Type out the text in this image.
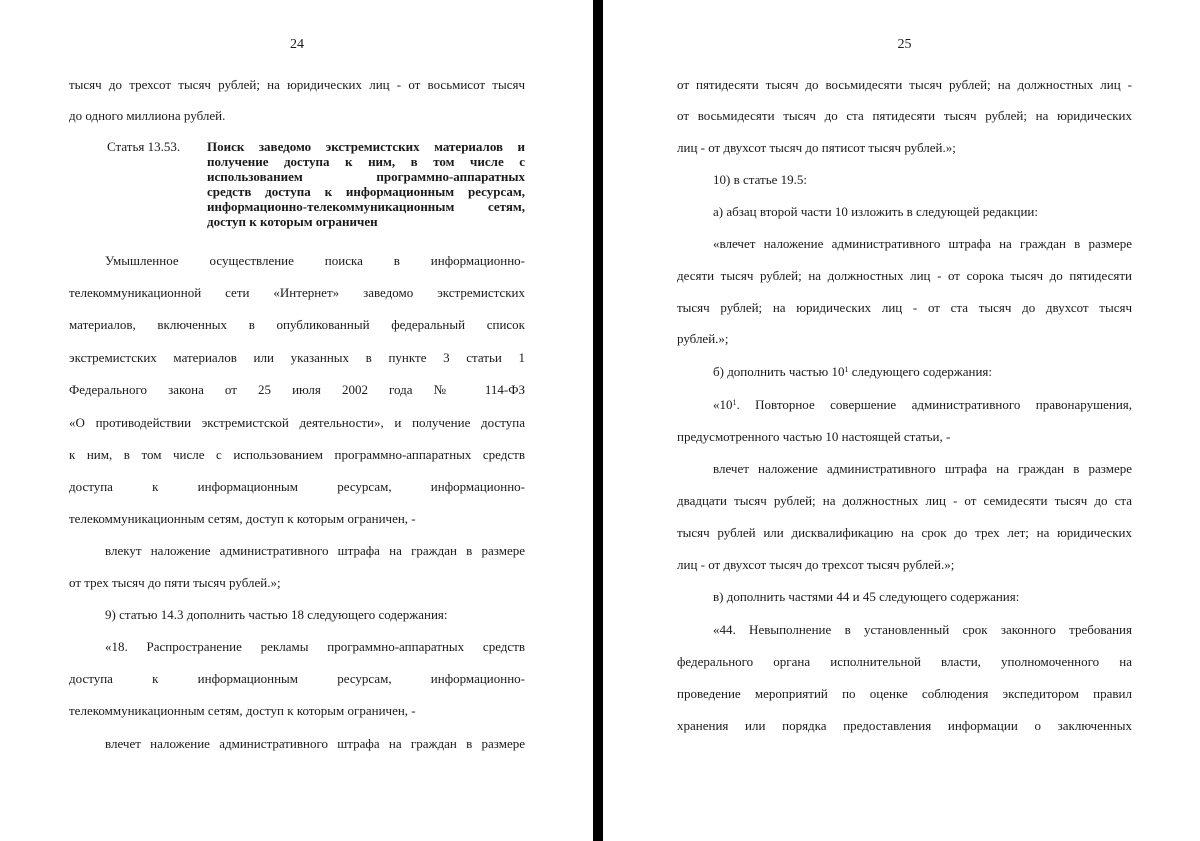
24
тысяч до трехсот тысяч рублей; на юридических лиц - от восьмисот тысяч
до одного миллиона рублей.
Статья 13.53. Поиск заведомо экстремистских материалов и
получение доступа к ним, в том числе с
использованием программно-аппаратных
средств доступа к информационным ресурсам,
информационно-телекоммуникационным сетям,
доступ к которым ограничен
Умышленное осуществление поиска в информационно-
телекоммуникационной сети «Интернет» заведомо экстремистских
материалов, включенных в опубликованный федеральный список
экстремистских материалов или указанных в пункте 3 статьи 1
Федерального закона от 25 июля 2002 года № 114-ФЗ
«О противодействии экстремистской деятельности», и получение доступа
к ним, в том числе с использованием программно-аппаратных средств
доступа к информационным ресурсам, информационно-
телекоммуникационным сетям, доступ к которым ограничен, -
влекут наложение административного штрафа на граждан в размере
от трех тысяч до пяти тысяч рублей.»;
9) статью 14.3 дополнить частью 18 следующего содержания:
«18. Распространение рекламы программно-аппаратных средств
доступа к информационным ресурсам, информационно-
телекоммуникационным сетям, доступ к которым ограничен, -
влечет наложение административного штрафа на граждан в размере
25
от пятидесяти тысяч до восьмидесяти тысяч рублей; на должностных лиц -
от восьмидесяти тысяч до ста пятидесяти тысяч рублей; на юридических
лиц - от двухсот тысяч до пятисот тысяч рублей.»;
10) в статье 19.5:
а) абзац второй части 10 изложить в следующей редакции:
«влечет наложение административного штрафа на граждан в размере
десяти тысяч рублей; на должностных лиц - от сорока тысяч до пятидесяти
тысяч рублей; на юридических лиц - от ста тысяч до двухсот тысяч
рублей.»;
б) дополнить частью $10^1$ следующего содержания:
«$10^1$. Повторное совершение административного правонарушения,
предусмотренного частью 10 настоящей статьи, -
влечет наложение административного штрафа на граждан в размере
двадцати тысяч рублей; на должностных лиц - от семидесяти тысяч до ста
тысяч рублей или дисквалификацию на срок до трех лет; на юридических
лиц - от двухсот тысяч до трехсот тысяч рублей.»;
в) дополнить частями 44 и 45 следующего содержания:
«44. Невыполнение в установленный срок законного требования
федерального органа исполнительной власти, уполномоченного на
проведение мероприятий по оценке соблюдения экспедитором правил
хранения или порядка предоставления информации о заключенных
